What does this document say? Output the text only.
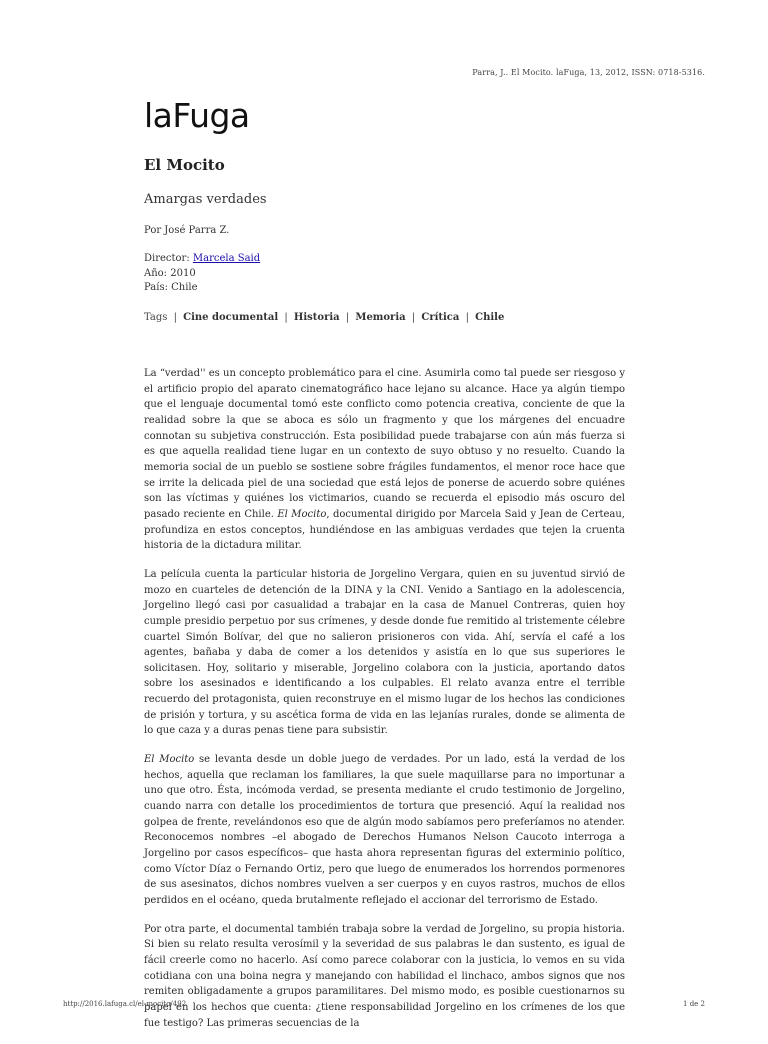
Parra, J.. El Mocito. laFuga, 13, 2012, ISSN: 0718-5316.
laFuga
El Mocito
Amargas verdades
Por José Parra Z.
Director: Marcela Said
Año: 2010
País: Chile
Tags | Cine documental | Historia | Memoria | Crítica | Chile

La “verdad'' es un concepto problemático para el cine. Asumirla como tal puede ser riesgoso y el artificio propio del aparato cinematográfico hace lejano su alcance. Hace ya algún tiempo que el lenguaje documental tomó este conflicto como potencia creativa, conciente de que la realidad sobre la que se aboca es sólo un fragmento y que los márgenes del encuadre connotan su subjetiva construcción. Esta posibilidad puede trabajarse con aún más fuerza si es que aquella realidad tiene lugar en un contexto de suyo obtuso y no resuelto. Cuando la memoria social de un pueblo se sostiene sobre frágiles fundamentos, el menor roce hace que se irrite la delicada piel de una sociedad que está lejos de ponerse de acuerdo sobre quiénes son las víctimas y quiénes los victimarios, cuando se recuerda el episodio más oscuro del pasado reciente en Chile. El Mocito, documental dirigido por Marcela Said y Jean de Certeau, profundiza en estos conceptos, hundiéndose en las ambiguas verdades que tejen la cruenta historia de la dictadura militar.

La película cuenta la particular historia de Jorgelino Vergara, quien en su juventud sirvió de mozo en cuarteles de detención de la DINA y la CNI. Venido a Santiago en la adolescencia, Jorgelino llegó casi por casualidad a trabajar en la casa de Manuel Contreras, quien hoy cumple presidio perpetuo por sus crímenes, y desde donde fue remitido al tristemente célebre cuartel Simón Bolívar, del que no salieron prisioneros con vida. Ahí, servía el café a los agentes, bañaba y daba de comer a los detenidos y asistía en lo que sus superiores le solicitasen. Hoy, solitario y miserable, Jorgelino colabora con la justicia, aportando datos sobre los asesinados e identificando a los culpables. El relato avanza entre el terrible recuerdo del protagonista, quien reconstruye en el mismo lugar de los hechos las condiciones de prisión y tortura, y su ascética forma de vida en las lejanías rurales, donde se alimenta de lo que caza y a duras penas tiene para subsistir.

El Mocito se levanta desde un doble juego de verdades. Por un lado, está la verdad de los hechos, aquella que reclaman los familiares, la que suele maquillarse para no importunar a uno que otro. Ésta, incómoda verdad, se presenta mediante el crudo testimonio de Jorgelino, cuando narra con detalle los procedimientos de tortura que presenció. Aquí la realidad nos golpea de frente, revelándonos eso que de algún modo sabíamos pero preferíamos no atender. Reconocemos nombres –el abogado de Derechos Humanos Nelson Caucoto interroga a Jorgelino por casos específicos– que hasta ahora representan figuras del exterminio político, como Víctor Díaz o Fernando Ortiz, pero que luego de enumerados los horrendos pormenores de sus asesinatos, dichos nombres vuelven a ser cuerpos y en cuyos rastros, muchos de ellos perdidos en el océano, queda brutalmente reflejado el accionar del terrorismo de Estado.

Por otra parte, el documental también trabaja sobre la verdad de Jorgelino, su propia historia. Si bien su relato resulta verosímil y la severidad de sus palabras le dan sustento, es igual de fácil creerle como no hacerlo. Así como parece colaborar con la justicia, lo vemos en su vida cotidiana con una boina negra y manejando con habilidad el linchaco, ambos signos que nos remiten obligadamente a grupos paramilitares. Del mismo modo, es posible cuestionarnos su papel en los hechos que cuenta: ¿tiene responsabilidad Jorgelino en los crímenes de los que fue testigo? Las primeras secuencias de la

http://2016.lafuga.cl/el-mocito/492	1 de 2
